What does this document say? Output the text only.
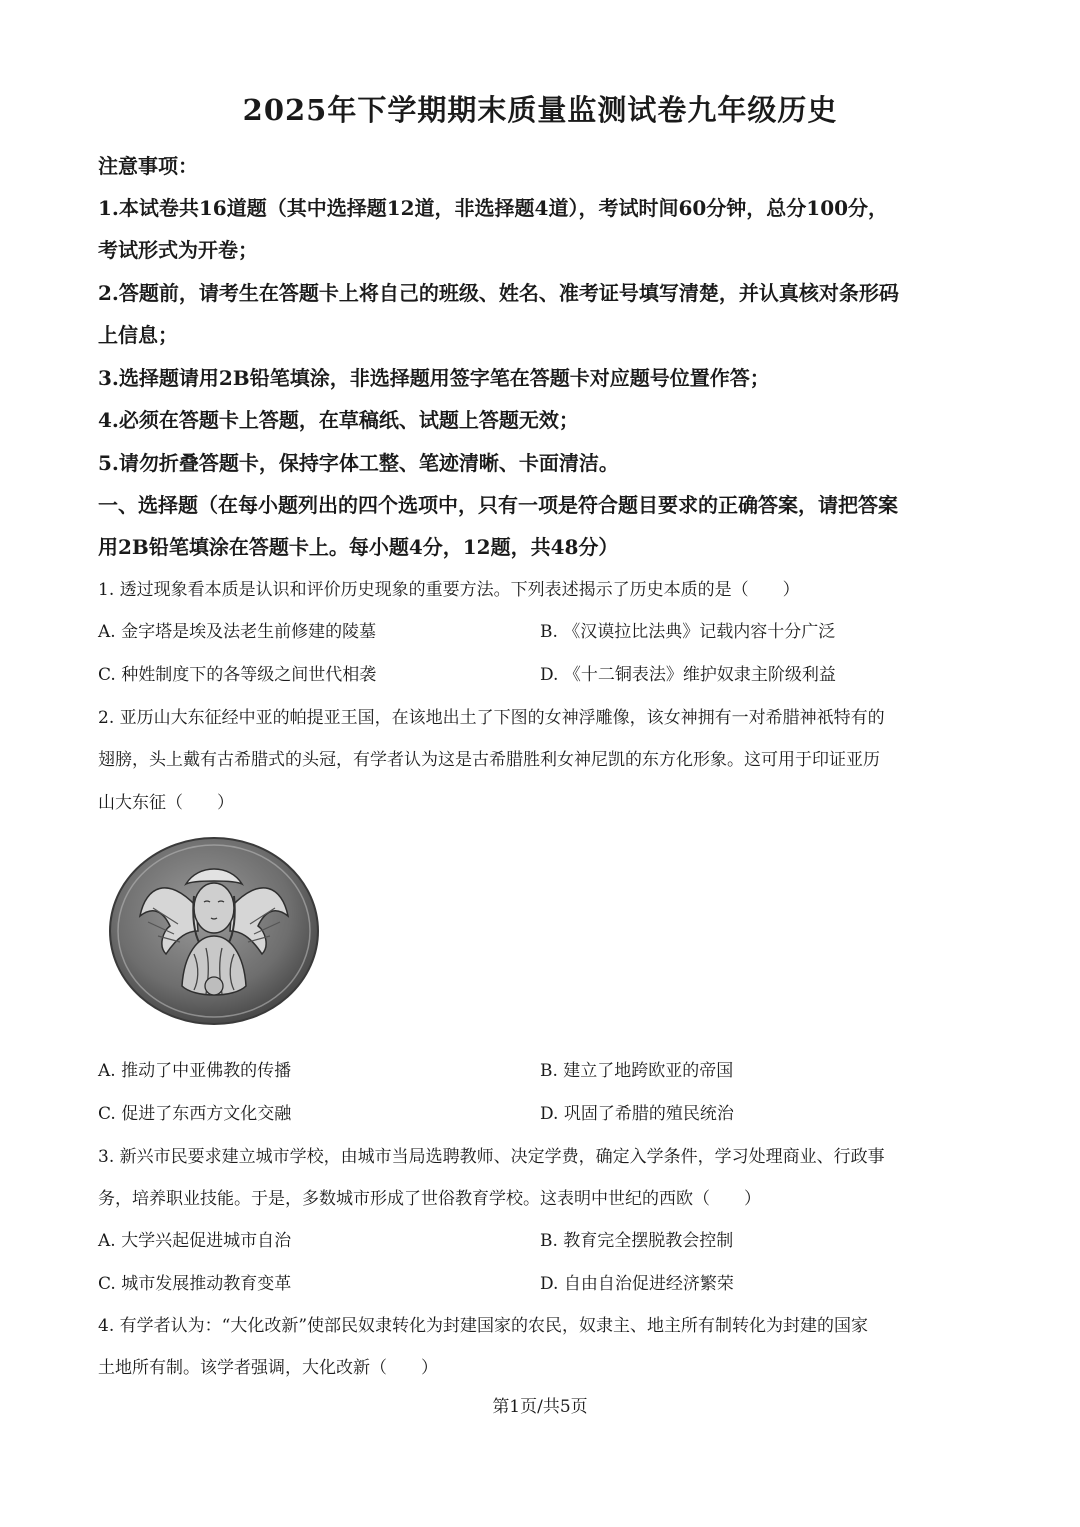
2025年下学期期末质量监测试卷九年级历史
注意事项：
1.本试卷共16道题（其中选择题12道，非选择题4道），考试时间60分钟，总分100分，
考试形式为开卷；
2.答题前，请考生在答题卡上将自己的班级、姓名、准考证号填写清楚，并认真核对条形码
上信息；
3.选择题请用2B铅笔填涂，非选择题用签字笔在答题卡对应题号位置作答；
4.必须在答题卡上答题，在草稿纸、试题上答题无效；
5.请勿折叠答题卡，保持字体工整、笔迹清晰、卡面清洁。
一、选择题（在每小题列出的四个选项中，只有一项是符合题目要求的正确答案，请把答案
用2B铅笔填涂在答题卡上。每小题4分，12题，共48分）
1. 透过现象看本质是认识和评价历史现象的重要方法。下列表述揭示了历史本质的是（　　）
A. 金字塔是埃及法老生前修建的陵墓	B. 《汉谟拉比法典》记载内容十分广泛
C. 种姓制度下的各等级之间世代相袭	D. 《十二铜表法》维护奴隶主阶级利益
2. 亚历山大东征经中亚的帕提亚王国，在该地出土了下图的女神浮雕像，该女神拥有一对希腊神祇特有的
翅膀，头上戴有古希腊式的头冠，有学者认为这是古希腊胜利女神尼凯的东方化形象。这可用于印证亚历
山大东征（　　）
A. 推动了中亚佛教的传播	B. 建立了地跨欧亚的帝国
C. 促进了东西方文化交融	D. 巩固了希腊的殖民统治
3. 新兴市民要求建立城市学校，由城市当局选聘教师、决定学费，确定入学条件，学习处理商业、行政事
务，培养职业技能。于是，多数城市形成了世俗教育学校。这表明中世纪的西欧（　　）
A. 大学兴起促进城市自治	B. 教育完全摆脱教会控制
C. 城市发展推动教育变革	D. 自由自治促进经济繁荣
4. 有学者认为：“大化改新”使部民奴隶转化为封建国家的农民，奴隶主、地主所有制转化为封建的国家
土地所有制。该学者强调，大化改新（　　）
第1页/共5页
